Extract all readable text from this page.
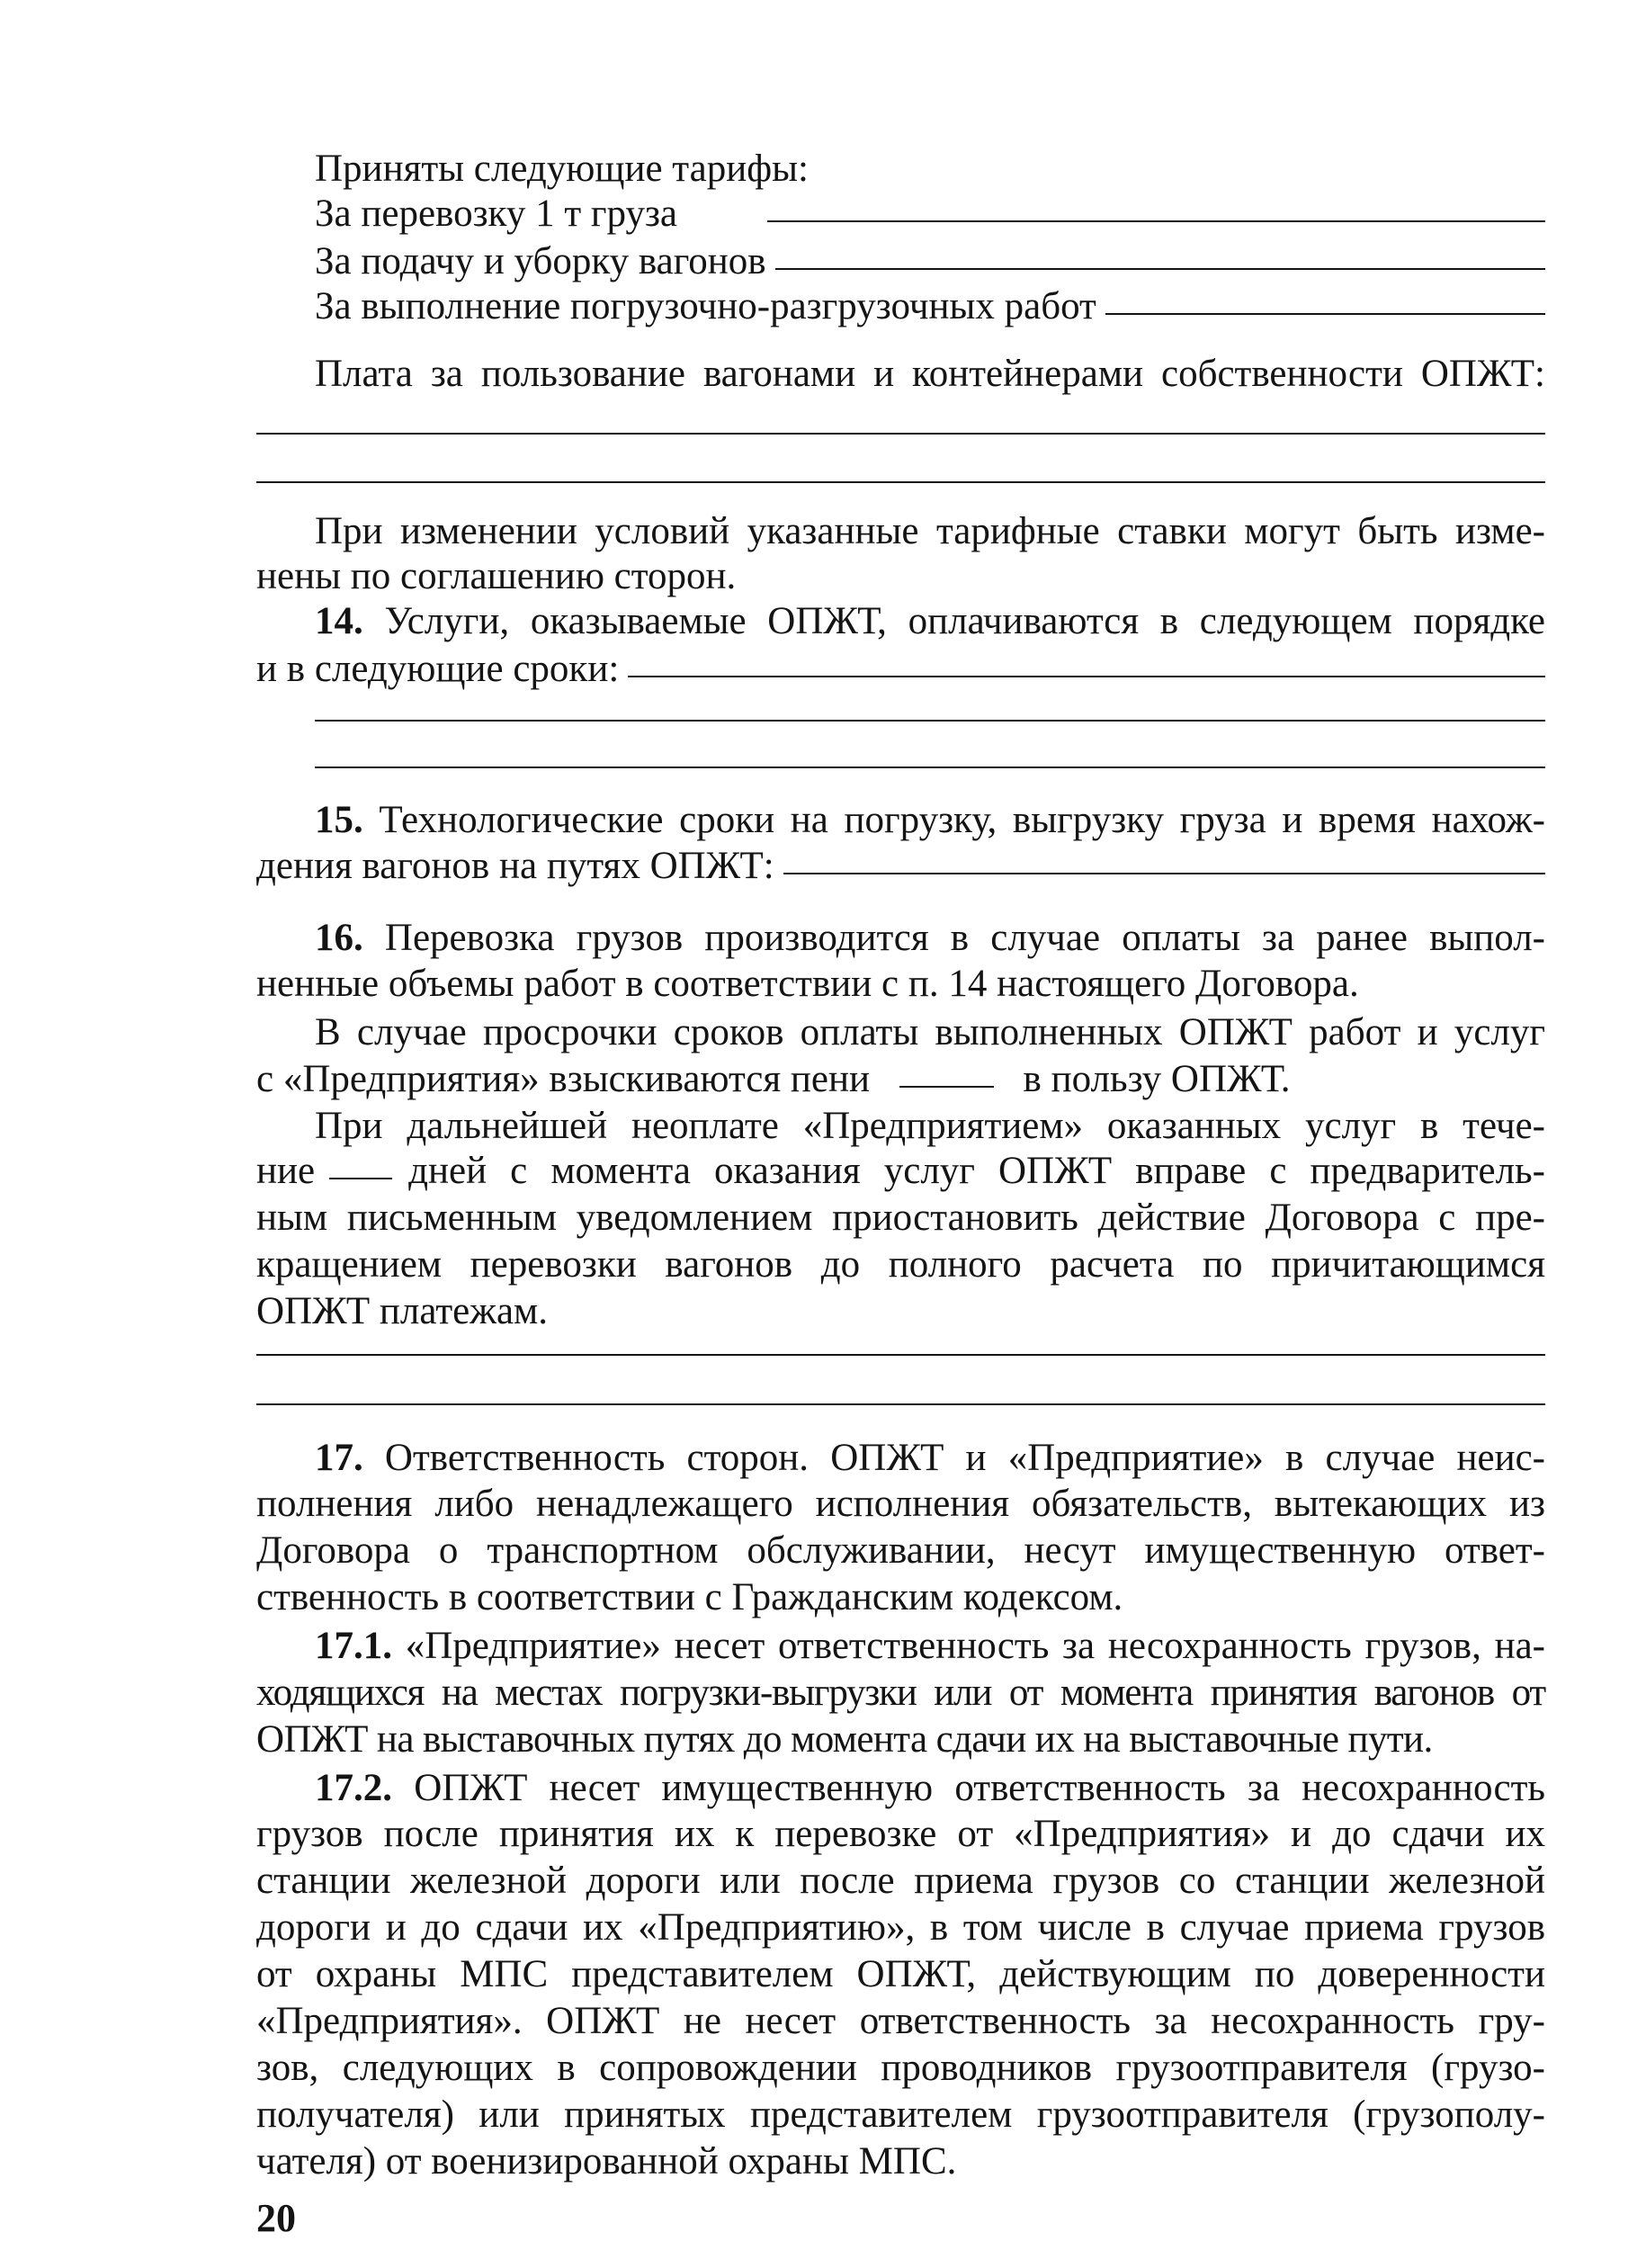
Приняты следующие тарифы:
За перевозку 1 т груза
За подачу и уборку вагонов
За выполнение погрузочно-разгрузочных работ
Плата за пользование вагонами и контейнерами собственности ОПЖТ:
При изменении условий указанные тарифные ставки могут быть изме-
нены по соглашению сторон.
14. Услуги, оказываемые ОПЖТ, оплачиваются в следующем порядке
и в следующие сроки:
15. Технологические сроки на погрузку, выгрузку груза и время нахож-
дения вагонов на путях ОПЖТ:
16. Перевозка грузов производится в случае оплаты за ранее выпол-
ненные объемы работ в соответствии с п. 14 настоящего Договора.
В случае просрочки сроков оплаты выполненных ОПЖТ работ и услуг
с «Предприятия» взыскиваются пени	в пользу ОПЖТ.
При дальнейшей неоплате «Предприятием» оказанных услуг в тече-
ние дней с момента оказания услуг ОПЖТ вправе с предваритель-
ным письменным уведомлением приостановить действие Договора с пре-
кращением перевозки вагонов до полного расчета по причитающимся
ОПЖТ платежам.
17. Ответственность сторон. ОПЖТ и «Предприятие» в случае неис-
полнения либо ненадлежащего исполнения обязательств, вытекающих из
Договора о транспортном обслуживании, несут имущественную ответ-
ственность в соответствии с Гражданским кодексом.
17.1. «Предприятие» несет ответственность за несохранность грузов, на-
ходящихся на местах погрузки-выгрузки или от момента принятия вагонов от
ОПЖТ на выставочных путях до момента сдачи их на выставочные пути.
17.2. ОПЖТ несет имущественную ответственность за несохранность
грузов после принятия их к перевозке от «Предприятия» и до сдачи их
станции железной дороги или после приема грузов со станции железной
дороги и до сдачи их «Предприятию», в том числе в случае приема грузов
от охраны МПС представителем ОПЖТ, действующим по доверенности
«Предприятия». ОПЖТ не несет ответственность за несохранность гру-
зов, следующих в сопровождении проводников грузоотправителя (грузо-
получателя) или принятых представителем грузоотправителя (грузополу-
чателя) от военизированной охраны МПС.
20
